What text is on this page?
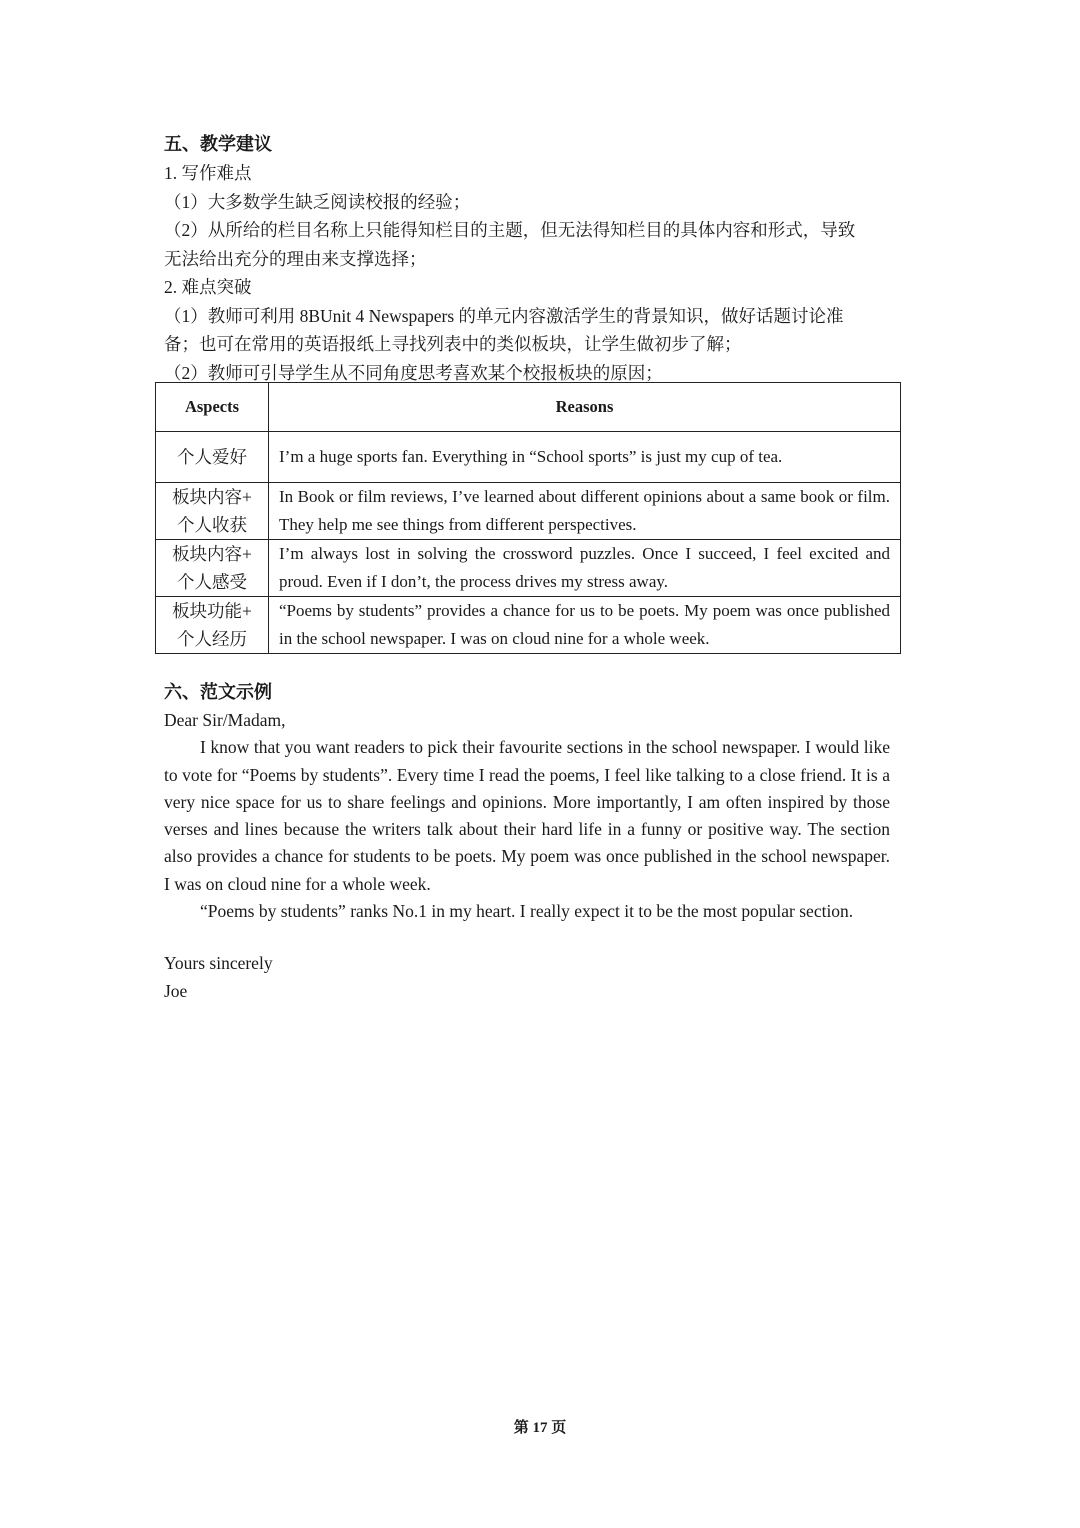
五、教学建议
1. 写作难点
（1）大多数学生缺乏阅读校报的经验；
（2）从所给的栏目名称上只能得知栏目的主题，但无法得知栏目的具体内容和形式，导致
无法给出充分的理由来支撑选择；
2. 难点突破
（1）教师可利用 8BUnit 4 Newspapers 的单元内容激活学生的背景知识，做好话题讨论准
备；也可在常用的英语报纸上寻找列表中的类似板块，让学生做初步了解；
（2）教师可引导学生从不同角度思考喜欢某个校报板块的原因；
Aspects	Reasons
个人爱好	I’m a huge sports fan. Everything in “School sports” is just my cup of tea.

板块内容+
个人收获	In Book or film reviews, I’ve learned about different opinions about a same book or film. They help me see things from different perspectives.

板块内容+
个人感受	I’m always lost in solving the crossword puzzles. Once I succeed, I feel excited and proud. Even if I don’t, the process drives my stress away.

板块功能+
个人经历	“Poems by students” provides a chance for us to be poets. My poem was once published in the school newspaper. I was on cloud nine for a whole week.
六、范文示例

Dear Sir/Madam,

I know that you want readers to pick their favourite sections in the school newspaper. I would like to vote for “Poems by students”. Every time I read the poems, I feel like talking to a close friend. It is a very nice space for us to share feelings and opinions. More importantly, I am often inspired by those verses and lines because the writers talk about their hard life in a funny or positive way. The section also provides a chance for students to be poets. My poem was once published in the school newspaper. I was on cloud nine for a whole week.

“Poems by students” ranks No.1 in my heart. I really expect it to be the most popular section.

Yours sincerely

Joe

第 17 页
